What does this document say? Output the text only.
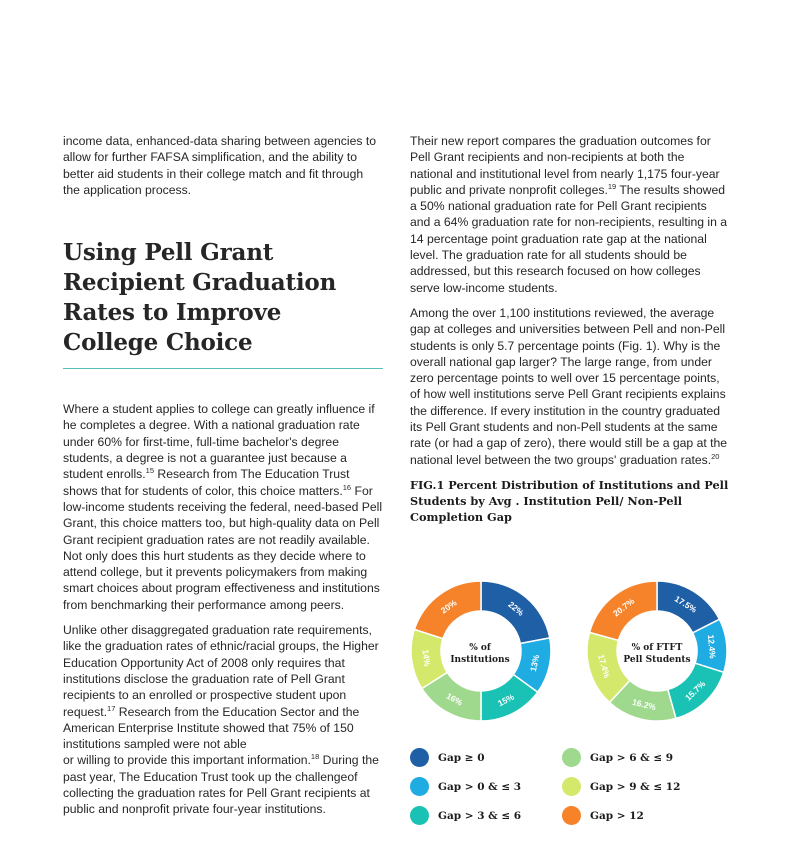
income data, enhanced-data sharing between agencies to allow for further FAFSA simplification, and the ability to better aid students in their college match and fit through the application process.

Using Pell Grant Recipient Graduation Rates to Improve College Choice

Where a student applies to college can greatly influence if he completes a degree. With a national graduation rate under 60% for first-time, full-time bachelor's degree students, a degree is not a guarantee just because a student enrolls.$^{15}$ Research from The Education Trust shows that for students of color, this choice matters.$^{16}$ For low-income students receiving the federal, need-based Pell Grant, this choice matters too, but high-quality data on Pell Grant recipient graduation rates are not readily available. Not only does this hurt students as they decide where to attend college, but it prevents policymakers from making smart choices about program effectiveness and institutions from benchmarking their performance among peers.

Unlike other disaggregated graduation rate requirements, like the graduation rates of ethnic/racial groups, the Higher Education Opportunity Act of 2008 only requires that institutions disclose the graduation rate of Pell Grant recipients to an enrolled or prospective student upon request.$^{17}$ Research from the Education Sector and the American Enterprise Institute showed that 75% of 150 institutions sampled were not able
or willing to provide this important information.$^{18}$ During the past year, The Education Trust took up the challengeof collecting the graduation rates for Pell Grant recipients at public and nonprofit private four-year institutions.

Their new report compares the graduation outcomes for Pell Grant recipients and non-recipients at both the national and institutional level from nearly 1,175 four-year public and private nonprofit colleges.$^{19}$ The results showed a 50% national graduation rate for Pell Grant recipients and a 64% graduation rate for non-recipients, resulting in a 14 percentage point graduation rate gap at the national level. The graduation rate for all students should be addressed, but this research focused on how colleges serve low-income students.

Among the over 1,100 institutions reviewed, the average gap at colleges and universities between Pell and non-Pell students is only 5.7 percentage points (Fig. 1). Why is the overall national gap larger? The large range, from under zero percentage points to well over 15 percentage points, of how well institutions serve Pell Grant recipients explains the difference. If every institution in the country graduated its Pell Grant students and non-Pell students at the same rate (or had a gap of zero), there would still be a gap at the national level between the two groups' graduation rates.$^{20}$

FIG.1 Percent Distribution of Institutions and Pell Students by Avg . Institution Pell/ Non-Pell Completion Gap
22%
13%
15%
16%
14%
20%	17.5%
12.4%
15.7%
16.2%
17.4%
20.7%
% of
Institutions
% of FTFT
Pell Students
Gap ≥ 0
Gap > 0 & ≤ 3
Gap > 3 & ≤ 6
Gap > 6 & ≤ 9
Gap > 9 & ≤ 12
Gap > 12
